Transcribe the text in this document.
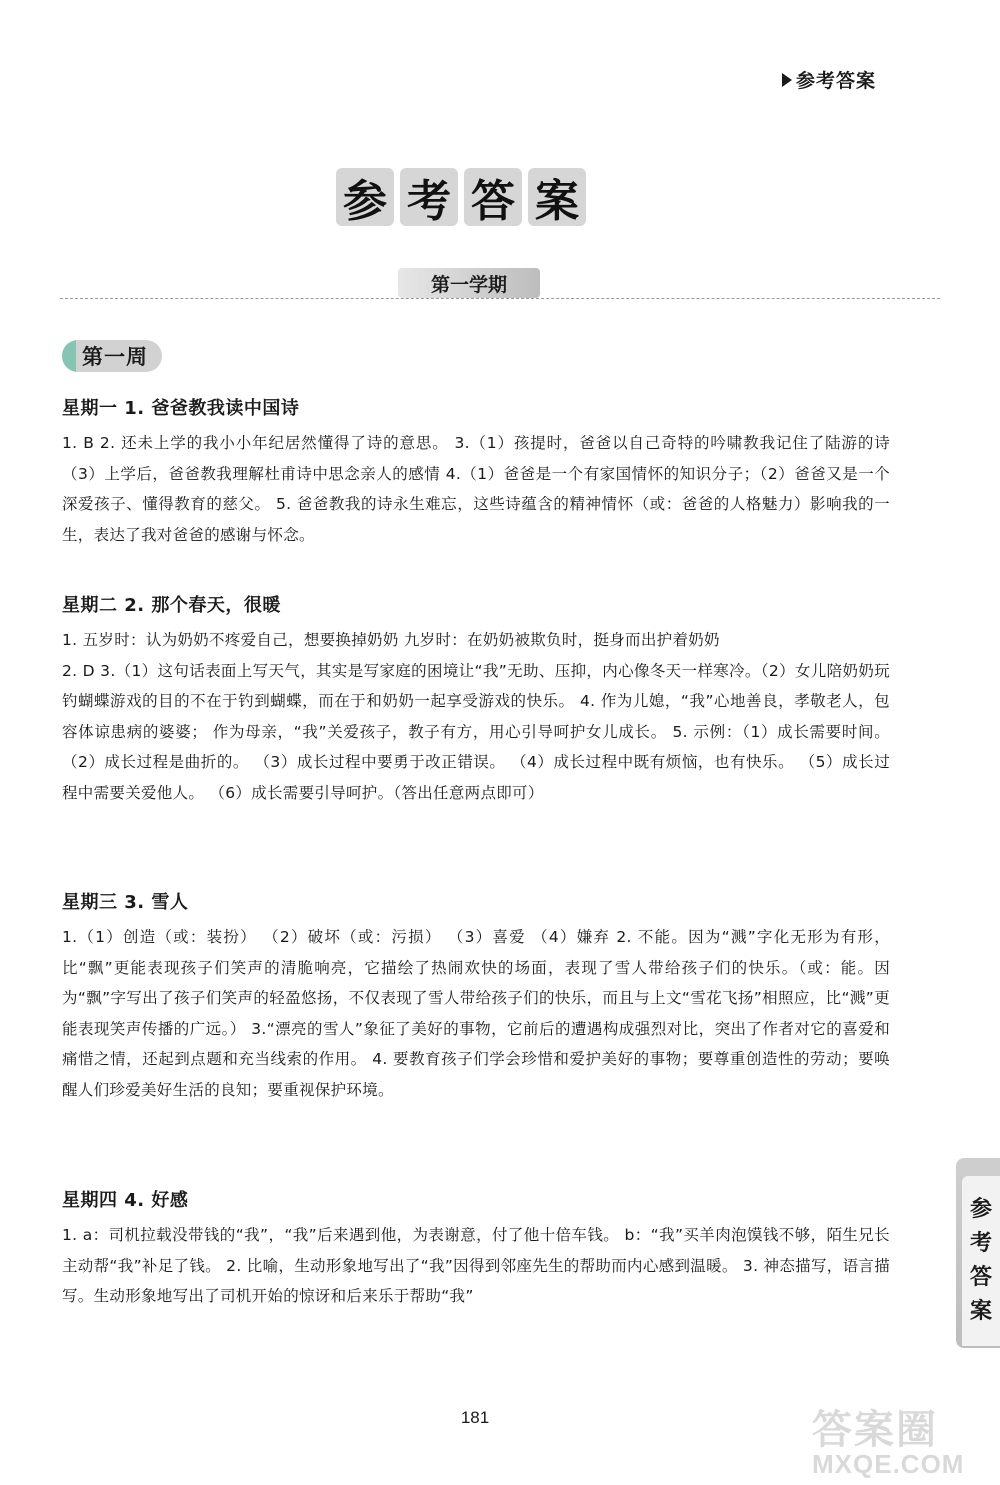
参考答案
参 考 答 案
第一学期
第一周
星期一 1. 爸爸教我读中国诗

1. B 2. 还未上学的我小小年纪居然懂得了诗的意思。 3.（1）孩提时，爸爸以自己奇特的吟啸教我记住了陆游的诗 （3）上学后，爸爸教我理解杜甫诗中思念亲人的感情 4.（1）爸爸是一个有家国情怀的知识分子；（2）爸爸又是一个深爱孩子、懂得教育的慈父。 5. 爸爸教我的诗永生难忘，这些诗蕴含的精神情怀（或：爸爸的人格魅力）影响我的一生，表达了我对爸爸的感谢与怀念。

星期二 2. 那个春天，很暖

1. 五岁时：认为奶奶不疼爱自己，想要换掉奶奶 九岁时：在奶奶被欺负时，挺身而出护着奶奶
2. D 3.（1）这句话表面上写天气，其实是写家庭的困境让“我”无助、压抑，内心像冬天一样寒冷。（2）女儿陪奶奶玩钓蝴蝶游戏的目的不在于钓到蝴蝶，而在于和奶奶一起享受游戏的快乐。 4. 作为儿媳，“我”心地善良，孝敬老人，包容体谅患病的婆婆； 作为母亲，“我”关爱孩子，教子有方，用心引导呵护女儿成长。 5. 示例：（1）成长需要时间。 （2）成长过程是曲折的。 （3）成长过程中要勇于改正错误。 （4）成长过程中既有烦恼，也有快乐。 （5）成长过程中需要关爱他人。 （6）成长需要引导呵护。（答出任意两点即可）

星期三 3. 雪人

1.（1）创造（或：装扮） （2）破坏（或：污损） （3）喜爱 （4）嫌弃 2. 不能。因为“溅”字化无形为有形，比“飘”更能表现孩子们笑声的清脆响亮，它描绘了热闹欢快的场面，表现了雪人带给孩子们的快乐。（或：能。因为“飘”字写出了孩子们笑声的轻盈悠扬，不仅表现了雪人带给孩子们的快乐，而且与上文“雪花飞扬”相照应，比“溅”更能表现笑声传播的广远。） 3.“漂亮的雪人”象征了美好的事物，它前后的遭遇构成强烈对比，突出了作者对它的喜爱和痛惜之情，还起到点题和充当线索的作用。 4. 要教育孩子们学会珍惜和爱护美好的事物；要尊重创造性的劳动；要唤醒人们珍爱美好生活的良知；要重视保护环境。

星期四 4. 好感

1. a：司机拉载没带钱的“我”，“我”后来遇到他，为表谢意，付了他十倍车钱。 b：“我”买羊肉泡馍钱不够，陌生兄长主动帮“我”补足了钱。 2. 比喻，生动形象地写出了“我”因得到邻座先生的帮助而内心感到温暖。 3. 神态描写，语言描写。生动形象地写出了司机开始的惊讶和后来乐于帮助“我”

参
考
答
案
181	答案圈
MXQE.COM
